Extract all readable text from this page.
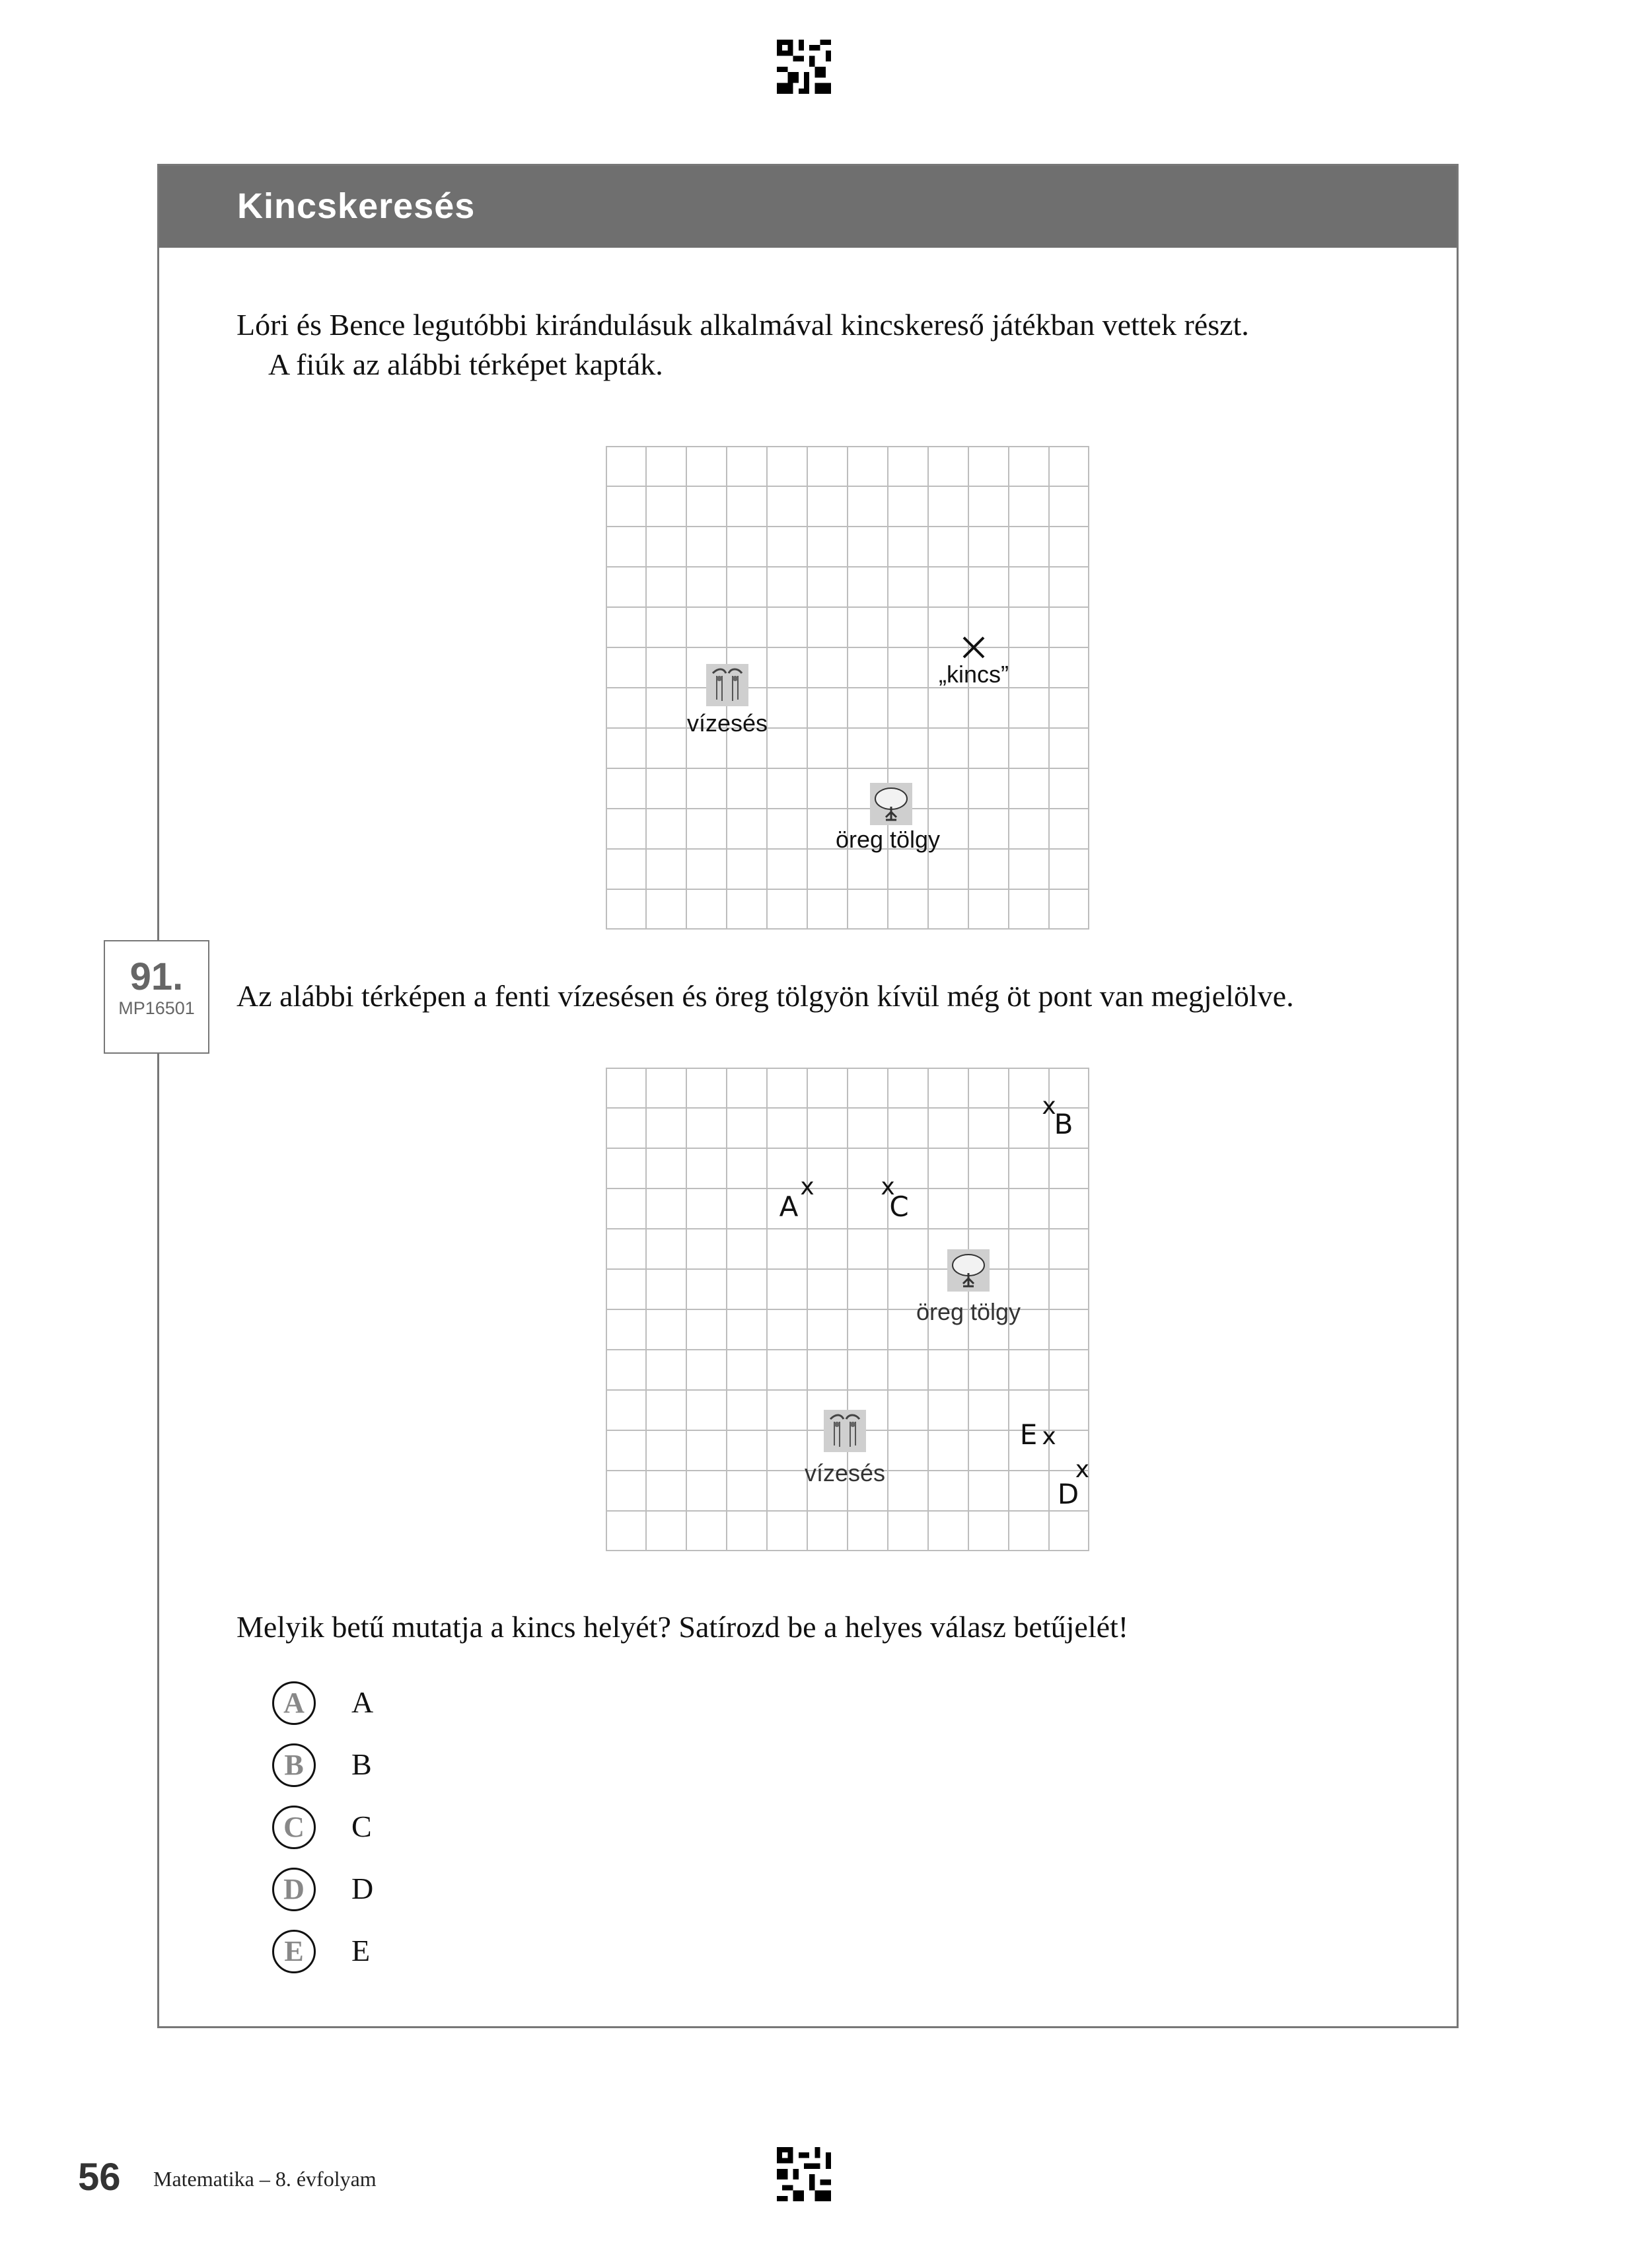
Kincskeresés
Lóri és Bence legutóbbi kirándulásuk alkalmával kincskereső játékban vettek részt.
A fiúk az alábbi térképet kapták.
„kincs”
vízesés
öreg tölgy
91.
MP16501	Az alábbi térképen a fenti vízesésen és öreg tölgyön kívül még öt pont van megjelölve.
öreg tölgy
vízesés
x
A
x
B
x
C
x
D
E x
Melyik betű mutatja a kincs helyét? Satírozd be a helyes válasz betűjelét!
A	A
B	B
C	C
D	D
E	E
56 Matematika – 8. évfolyam
